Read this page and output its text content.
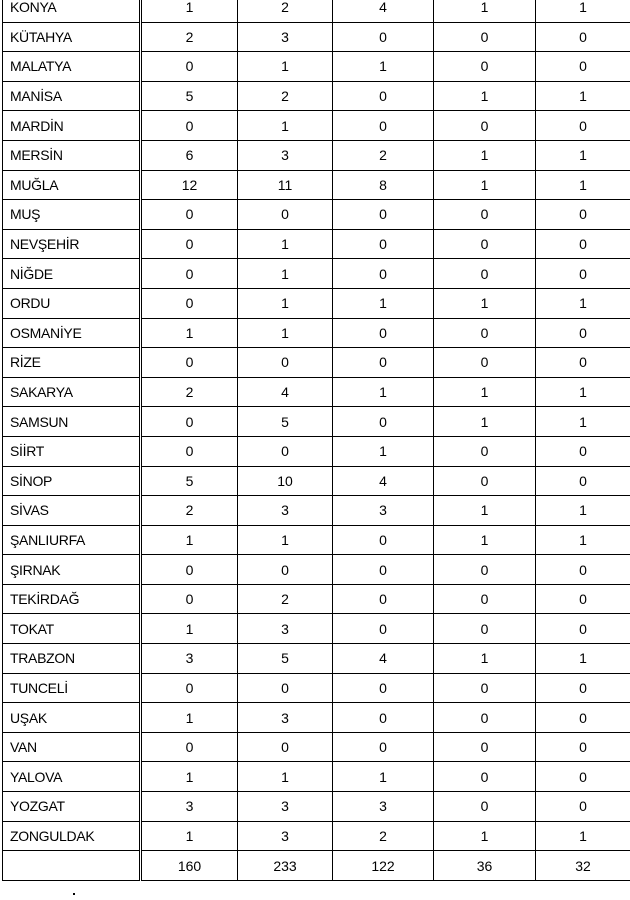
KONYA	1	2	4	1	1
KÜTAHYA	2	3	0	0	0
MALATYA	0	1	1	0	0
MANİSA	5	2	0	1	1
MARDİN	0	1	0	0	0
MERSİN	6	3	2	1	1
MUĞLA	12	11	8	1	1
MUŞ	0	0	0	0	0
NEVŞEHİR	0	1	0	0	0
NİĞDE	0	1	0	0	0
ORDU	0	1	1	1	1
OSMANİYE	1	1	0	0	0
RİZE	0	0	0	0	0
SAKARYA	2	4	1	1	1
SAMSUN	0	5	0	1	1
SİİRT	0	0	1	0	0
SİNOP	5	10	4	0	0
SİVAS	2	3	3	1	1
ŞANLIURFA	1	1	0	1	1
ŞIRNAK	0	0	0	0	0
TEKİRDAĞ	0	2	0	0	0
TOKAT	1	3	0	0	0
TRABZON	3	5	4	1	1
TUNCELİ	0	0	0	0	0
UŞAK	1	3	0	0	0
VAN	0	0	0	0	0
YALOVA	1	1	1	0	0
YOZGAT	3	3	3	0	0
ZONGULDAK	1	3	2	1	1
	160	233	122	36	32
